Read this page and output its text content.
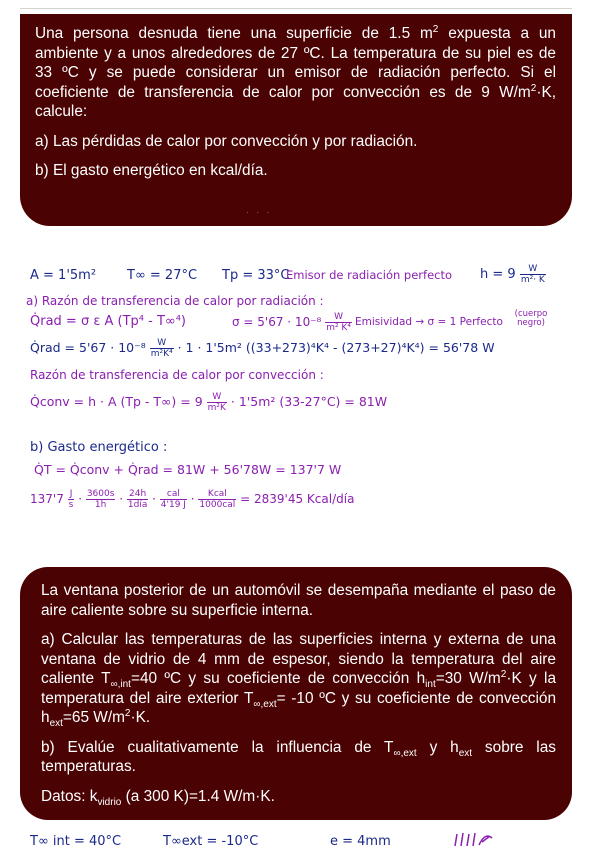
Una persona desnuda tiene una superficie de 1.5 $m^2$ expuesta a un ambiente y a unos alrededores de 27 ºC. La temperatura de su piel es de 33 ºC y se puede considerar un emisor de radiación perfecto. Si el coeficiente de transferencia de calor por convección es de 9 $W/m^2\cdot K$, calcule:

a) Las pérdidas de calor por convección y por radiación.

b) El gasto energético en kcal/día.

· · ·
A = 1'5m² T∞ = 27°C Tp = 33°C
Emisor de radiación perfecto $h = 9 \frac{W}{\text{m²· K}}$
a) Razón de transferencia de calor por radiación :
Q̇rad = σ ε A (Tp⁴ - T∞⁴)	$\sigma = 5'67 \cdot 10^{-8} \frac{W}{\text{m² K⁴}}$ Emisividad → σ = 1 Perfecto
(cuerpo negro)
Q̇rad = $5'67 \cdot 10^{-8} \frac{W}{\text{m²K⁴}} \cdot 1 \cdot 1'5m^2$ ((33+273)⁴K⁴ - (273+27)⁴K⁴) = 56'78 W
Razón de transferencia de calor por convección :
Q̇conv = h · A $(Tp - T\infty) = 9 \frac{W}{\text{m²K}} \cdot 1'5m^2$ (33-27°C) = 81W
b) Gasto energético :
Q̇T = Q̇conv + Q̇rad = 81W + 56'78W = 137'7 W
$137'7 \frac{J}{s} \cdot \frac{3600s}{1h} \cdot \frac{24h}{\text{1día}} \cdot \frac{\text{cal}}{4'19 J} \cdot \frac{\text{Kcal}}{\text{1000cal}} = 2839'45$ Kcal/día

La ventana posterior de un automóvil se desempaña mediante el paso de aire caliente sobre su superficie interna.

a) Calcular las temperaturas de las superficies interna y externa de una ventana de vidrio de 4 mm de espesor, siendo la temperatura del aire caliente $T_{\infty,int}=40$ ºC y su coeficiente de convección $h_{int}=30$ $W/m^2\cdot K$ y la temperatura del aire exterior $T_{\infty,ext}= -10$ ºC y su coeficiente de convección $h_{ext}=65$ $W/m^2\cdot K$.

b) Evalúe cualitativamente la influencia de $T_{\infty,ext}$ y $h_{ext}$ sobre las temperaturas.

Datos: $k_{vidrio}$ (a 300 K)=1.4 W/m·K.

T∞ int = 40°C	T∞ext = -10°C	e = 4mm
